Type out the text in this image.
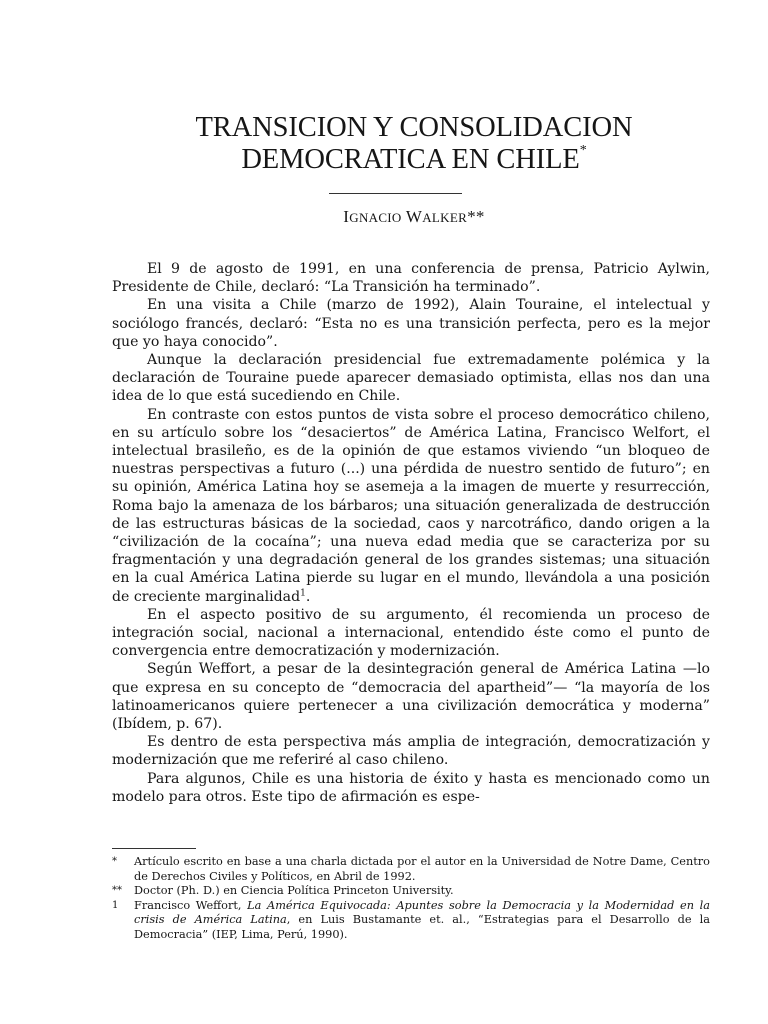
TRANSICION Y CONSOLIDACION
DEMOCRATICA EN CHILE*
IGNACIO WALKER**

El 9 de agosto de 1991, en una conferencia de prensa, Patricio Aylwin, Presidente de Chile, declaró: “La Transición ha terminado”.

En una visita a Chile (marzo de 1992), Alain Touraine, el intelectual y sociólogo francés, declaró: “Esta no es una transición perfecta, pero es la mejor que yo haya conocido”.

Aunque la declaración presidencial fue extremadamente polémica y la declaración de Touraine puede aparecer demasiado optimista, ellas nos dan una idea de lo que está sucediendo en Chile.

En contraste con estos puntos de vista sobre el proceso democrático chileno, en su artículo sobre los “desaciertos” de América Latina, Francisco Welfort, el intelectual brasileño, es de la opinión de que estamos viviendo “un bloqueo de nuestras perspectivas a futuro (...) una pérdida de nuestro sentido de futuro”; en su opinión, América Latina hoy se asemeja a la imagen de muerte y resurrección, Roma bajo la amenaza de los bárbaros; una situación generalizada de destrucción de las estructuras básicas de la sociedad, caos y narcotráfico, dando origen a la “civilización de la cocaína”; una nueva edad media que se caracteriza por su fragmentación y una degradación general de los grandes sistemas; una situación en la cual América Latina pierde su lugar en el mundo, llevándola a una posición de creciente marginalidad$^1$.

En el aspecto positivo de su argumento, él recomienda un proceso de integración social, nacional a internacional, entendido éste como el punto de convergencia entre democratización y modernización.

Según Weffort, a pesar de la desintegración general de América Latina —lo que expresa en su concepto de “democracia del apartheid”— “la mayoría de los latinoamericanos quiere pertenecer a una civilización democrática y moderna” (Ibídem, p. 67).

Es dentro de esta perspectiva más amplia de integración, democratización y modernización que me referiré al caso chileno.

Para algunos, Chile es una historia de éxito y hasta es mencionado como un modelo para otros. Este tipo de afirmación es espe-

* Artículo escrito en base a una charla dictada por el autor en la Universidad de Notre Dame, Centro de Derechos Civiles y Políticos, en Abril de 1992.
** Doctor (Ph. D.) en Ciencia Política Princeton University.
1 Francisco Weffort, La América Equivocada: Apuntes sobre la Democracia y la Modernidad en la crisis de América Latina, en Luis Bustamante et. al., “Estrategias para el Desarrollo de la Democracia” (IEP, Lima, Perú, 1990).
